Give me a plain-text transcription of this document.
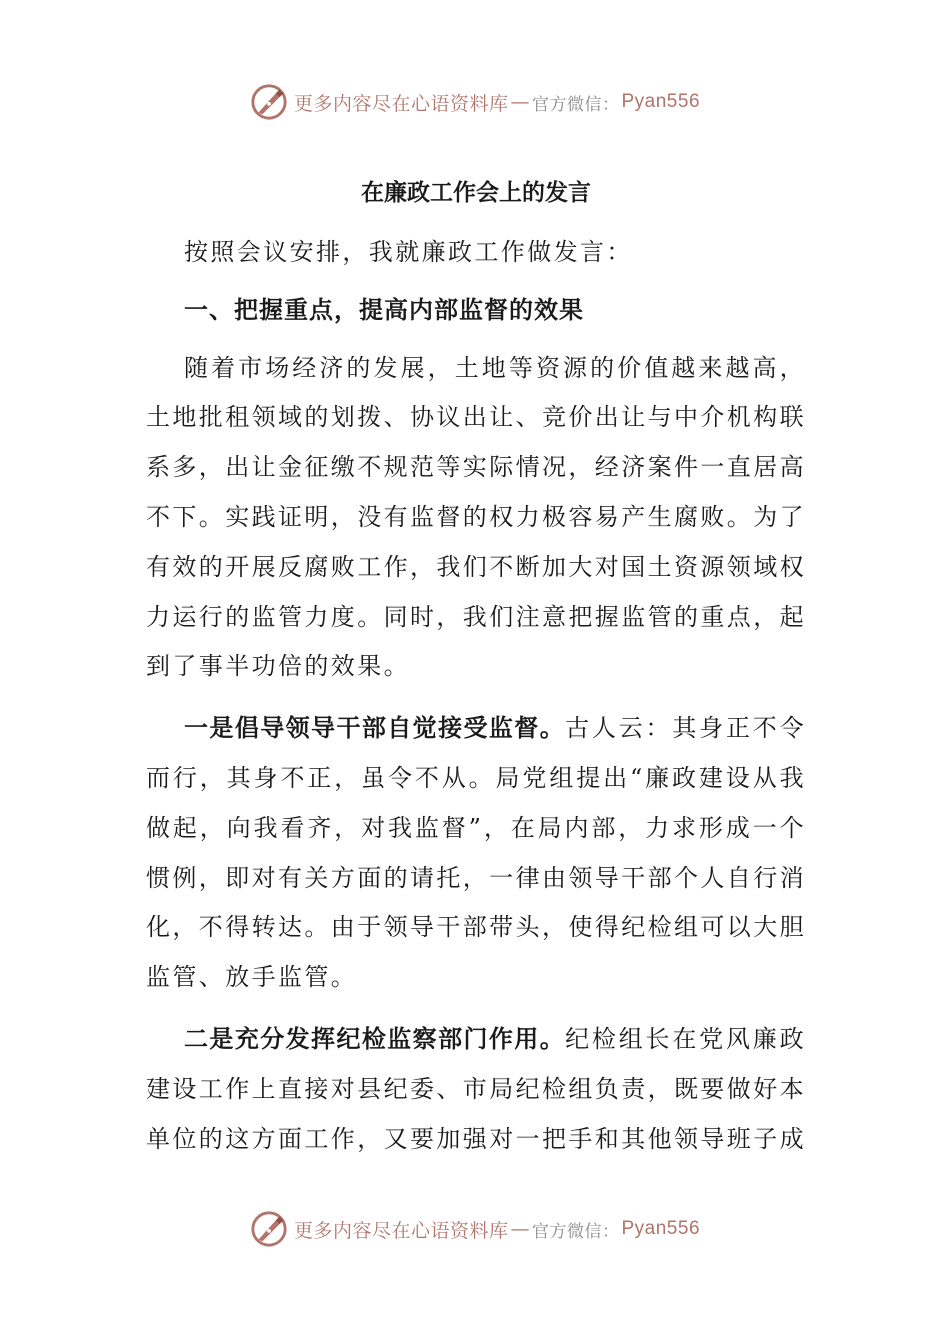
更多内容尽在心语资料库 — 官方微信： Pyan556
在廉政工作会上的发言

按照会议安排，我就廉政工作做发言：

一、把握重点，提高内部监督的效果

随着市场经济的发展，土地等资源的价值越来越高，土地批租领域的划拨、协议出让、竞价出让与中介机构联系多，出让金征缴不规范等实际情况，经济案件一直居高不下。实践证明，没有监督的权力极容易产生腐败。为了有效的开展反腐败工作，我们不断加大对国土资源领域权力运行的监管力度。同时，我们注意把握监管的重点，起到了事半功倍的效果。

一是倡导领导干部自觉接受监督。古人云：其身正不令而行，其身不正，虽令不从。局党组提出“廉政建设从我做起，向我看齐，对我监督”，在局内部，力求形成一个惯例，即对有关方面的请托，一律由领导干部个人自行消化，不得转达。由于领导干部带头，使得纪检组可以大胆监管、放手监管。

二是充分发挥纪检监察部门作用。纪检组长在党风廉政建设工作上直接对县纪委、市局纪检组负责，既要做好本单位的这方面工作，又要加强对一把手和其他领导班子成

更多内容尽在心语资料库 — 官方微信： Pyan556
